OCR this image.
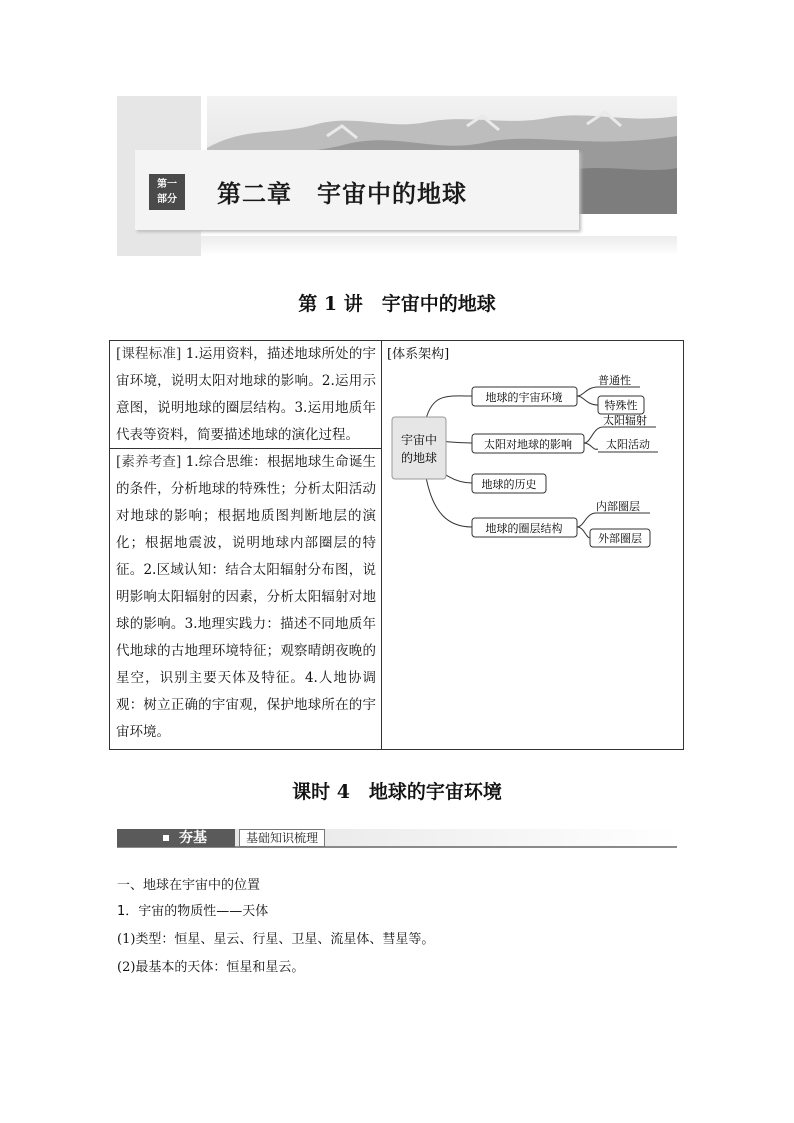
第一
部分	第二章　宇宙中的地球
第 1 讲　宇宙中的地球
[课程标准] 1.运用资料，描述地球所处的宇宙环境，说明太阳对地球的影响。2.运用示意图，说明地球的圈层结构。3.运用地质年代表等资料，简要描述地球的演化过程。
[素养考查] 1.综合思维：根据地球生命诞生的条件，分析地球的特殊性；分析太阳活动对地球的影响；根据地质图判断地层的演化；根据地震波，说明地球内部圈层的特征。2.区域认知：结合太阳辐射分布图，说明影响太阳辐射的因素，分析太阳辐射对地球的影响。3.地理实践力：描述不同地质年代地球的古地理环境特征；观察晴朗夜晚的星空，识别主要天体及特征。4.人地协调观：树立正确的宇宙观，保护地球所在的宇宙环境。
[体系架构]
宇宙中
的地球
地球的宇宙环境
太阳对地球的影响
地球的历史
地球的圈层结构
普通性
特殊性
太阳辐射
太阳活动
内部圈层
外部圈层
课时 4　地球的宇宙环境
夯基	基础知识梳理
一、地球在宇宙中的位置
1．宇宙的物质性——天体
(1)类型：恒星、星云、行星、卫星、流星体、彗星等。
(2)最基本的天体：恒星和星云。
